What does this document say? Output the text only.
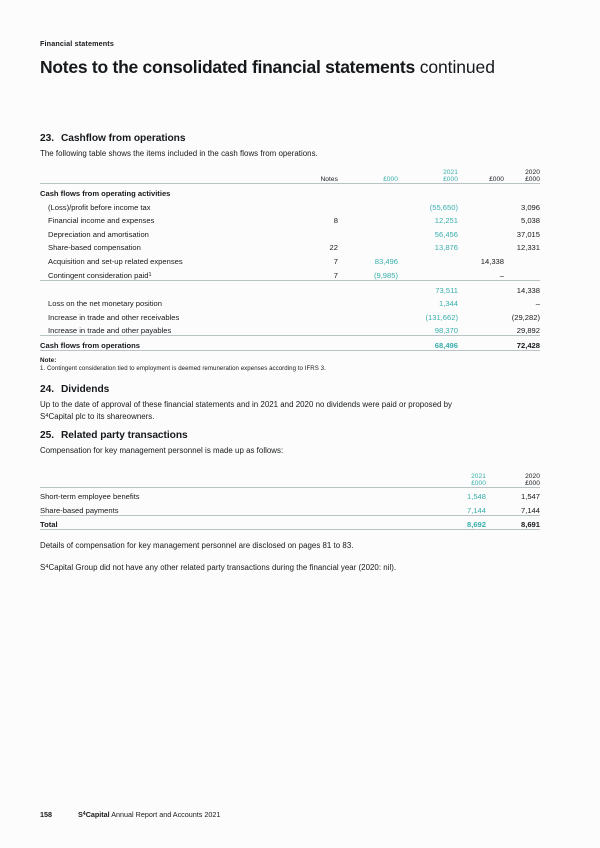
Financial statements
Notes to the consolidated financial statements continued
23. Cashflow from operations

The following table shows the items included in the cash flows from operations.

			2021		2020
	Notes	£000	£000	£000	£000
Cash flows from operating activities					
(Loss)/profit before income tax			(55,650)		3,096
Financial income and expenses	8		12,251		5,038
Depreciation and amortisation			56,456		37,015
Share-based compensation	22		13,876		12,331
Acquisition and set-up related expenses	7	83,496		14,338	
Contingent consideration paid$^1$	7	(9,985)		–	
			73,511		14,338
Loss on the net monetary position			1,344		–
Increase in trade and other receivables			(131,662)		(29,282)
Increase in trade and other payables			98,370		29,892
Cash flows from operations			68,496		72,428

Note:

1. Contingent consideration tied to employment is deemed remuneration expenses according to IFRS 3.

24. Dividends

Up to the date of approval of these financial statements and in 2021 and 2020 no dividends were paid or proposed by
$S^4Capital$ plc to its shareowners.

25. Related party transactions

Compensation for key management personnel is made up as follows:

	2021	2020
	£000	£000
Short-term employee benefits	1,548	1,547
Share-based payments	7,144	7,144
Total	8,692	8,691

Details of compensation for key management personnel are disclosed on pages 81 to 83.

$S^4Capital$ Group did not have any other related party transactions during the financial year (2020: nil).

158	$S^4Capital$ Annual Report and Accounts 2021
